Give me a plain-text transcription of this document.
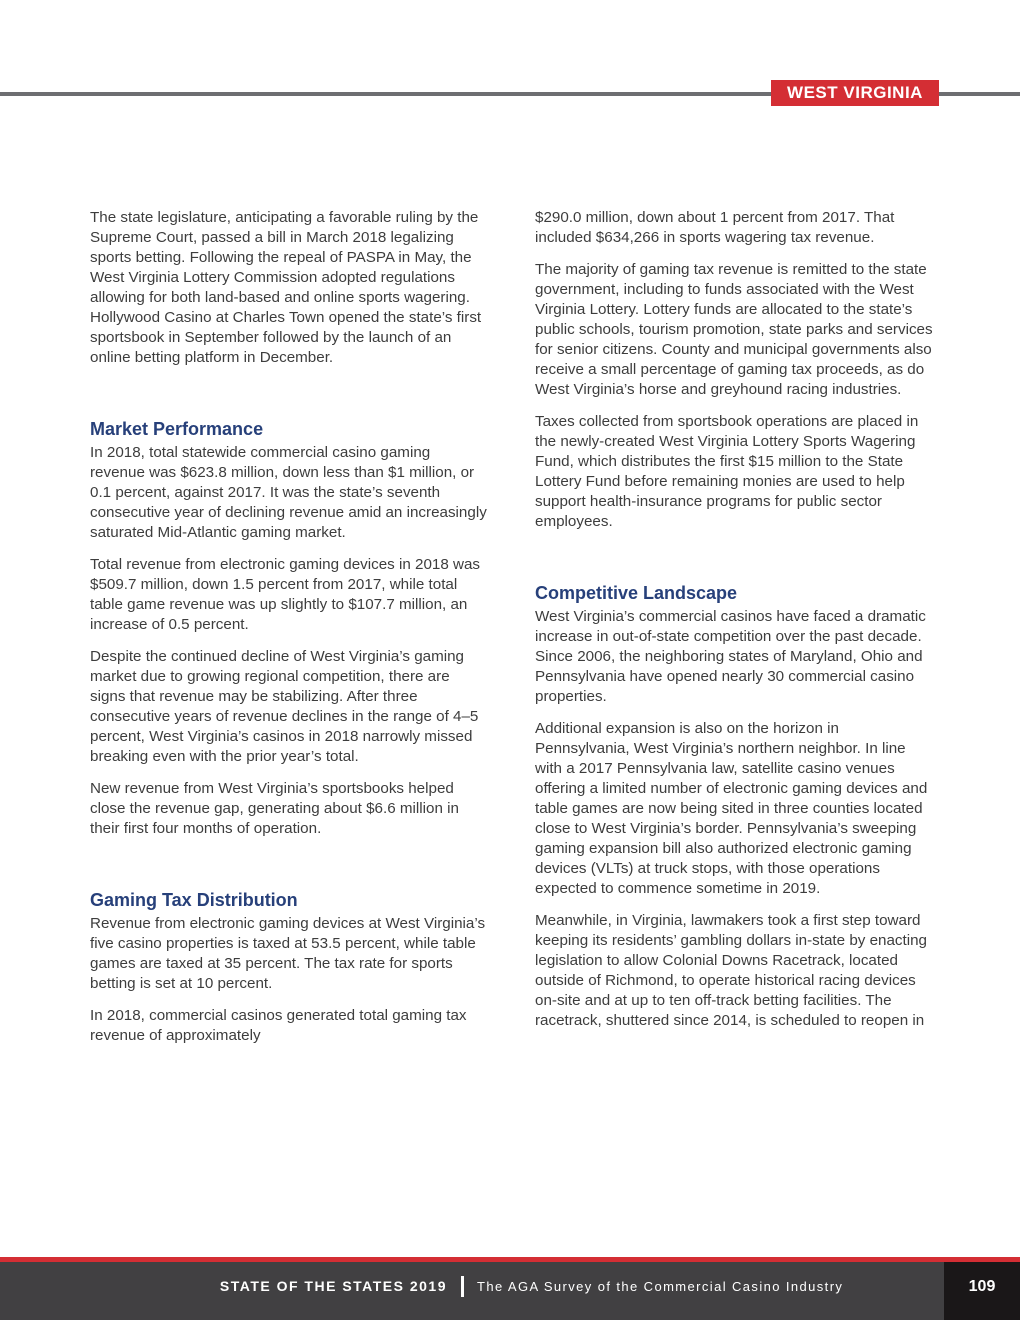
WEST VIRGINIA

The state legislature, anticipating a favorable ruling by the Supreme Court, passed a bill in March 2018 legalizing sports betting. Following the repeal of PASPA in May, the West Virginia Lottery Commission adopted regulations allowing for both land-based and online sports wagering. Hollywood Casino at Charles Town opened the state’s first sportsbook in September followed by the launch of an online betting platform in December.

Market Performance

In 2018, total statewide commercial casino gaming revenue was $623.8 million, down less than $1 million, or 0.1 percent, against 2017. It was the state’s seventh consecutive year of declining revenue amid an increasingly saturated Mid-Atlantic gaming market.

Total revenue from electronic gaming devices in 2018 was $509.7 million, down 1.5 percent from 2017, while total table game revenue was up slightly to $107.7 million, an increase of 0.5 percent.

Despite the continued decline of West Virginia’s gaming market due to growing regional competition, there are signs that revenue may be stabilizing. After three consecutive years of revenue declines in the range of 4–5 percent, West Virginia’s casinos in 2018 narrowly missed breaking even with the prior year’s total.

New revenue from West Virginia’s sportsbooks helped close the revenue gap, generating about $6.6 million in their first four months of operation.

Gaming Tax Distribution

Revenue from electronic gaming devices at West Virginia’s five casino properties is taxed at 53.5 percent, while table games are taxed at 35 percent. The tax rate for sports betting is set at 10 percent.

In 2018, commercial casinos generated total gaming tax revenue of approximately

$290.0 million, down about 1 percent from 2017. That included $634,266 in sports wagering tax revenue.

The majority of gaming tax revenue is remitted to the state government, including to funds associated with the West Virginia Lottery. Lottery funds are allocated to the state’s public schools, tourism promotion, state parks and services for senior citizens. County and municipal governments also receive a small percentage of gaming tax proceeds, as do West Virginia’s horse and greyhound racing industries.

Taxes collected from sportsbook operations are placed in the newly-created West Virginia Lottery Sports Wagering Fund, which distributes the first $15 million to the State Lottery Fund before remaining monies are used to help support health-insurance programs for public sector employees.

Competitive Landscape

West Virginia’s commercial casinos have faced a dramatic increase in out-of-state competition over the past decade. Since 2006, the neighboring states of Maryland, Ohio and Pennsylvania have opened nearly 30 commercial casino properties.

Additional expansion is also on the horizon in Pennsylvania, West Virginia’s northern neighbor. In line with a 2017 Pennsylvania law, satellite casino venues offering a limited number of electronic gaming devices and table games are now being sited in three counties located close to West Virginia’s border. Pennsylvania’s sweeping gaming expansion bill also authorized electronic gaming devices (VLTs) at truck stops, with those operations expected to commence sometime in 2019.

Meanwhile, in Virginia, lawmakers took a first step toward keeping its residents’ gambling dollars in-state by enacting legislation to allow Colonial Downs Racetrack, located outside of Richmond, to operate historical racing devices on-site and at up to ten off-track betting facilities. The racetrack, shuttered since 2014, is scheduled to reopen in

STATE OF THE STATES 2019 The AGA Survey of the Commercial Casino Industry	109
